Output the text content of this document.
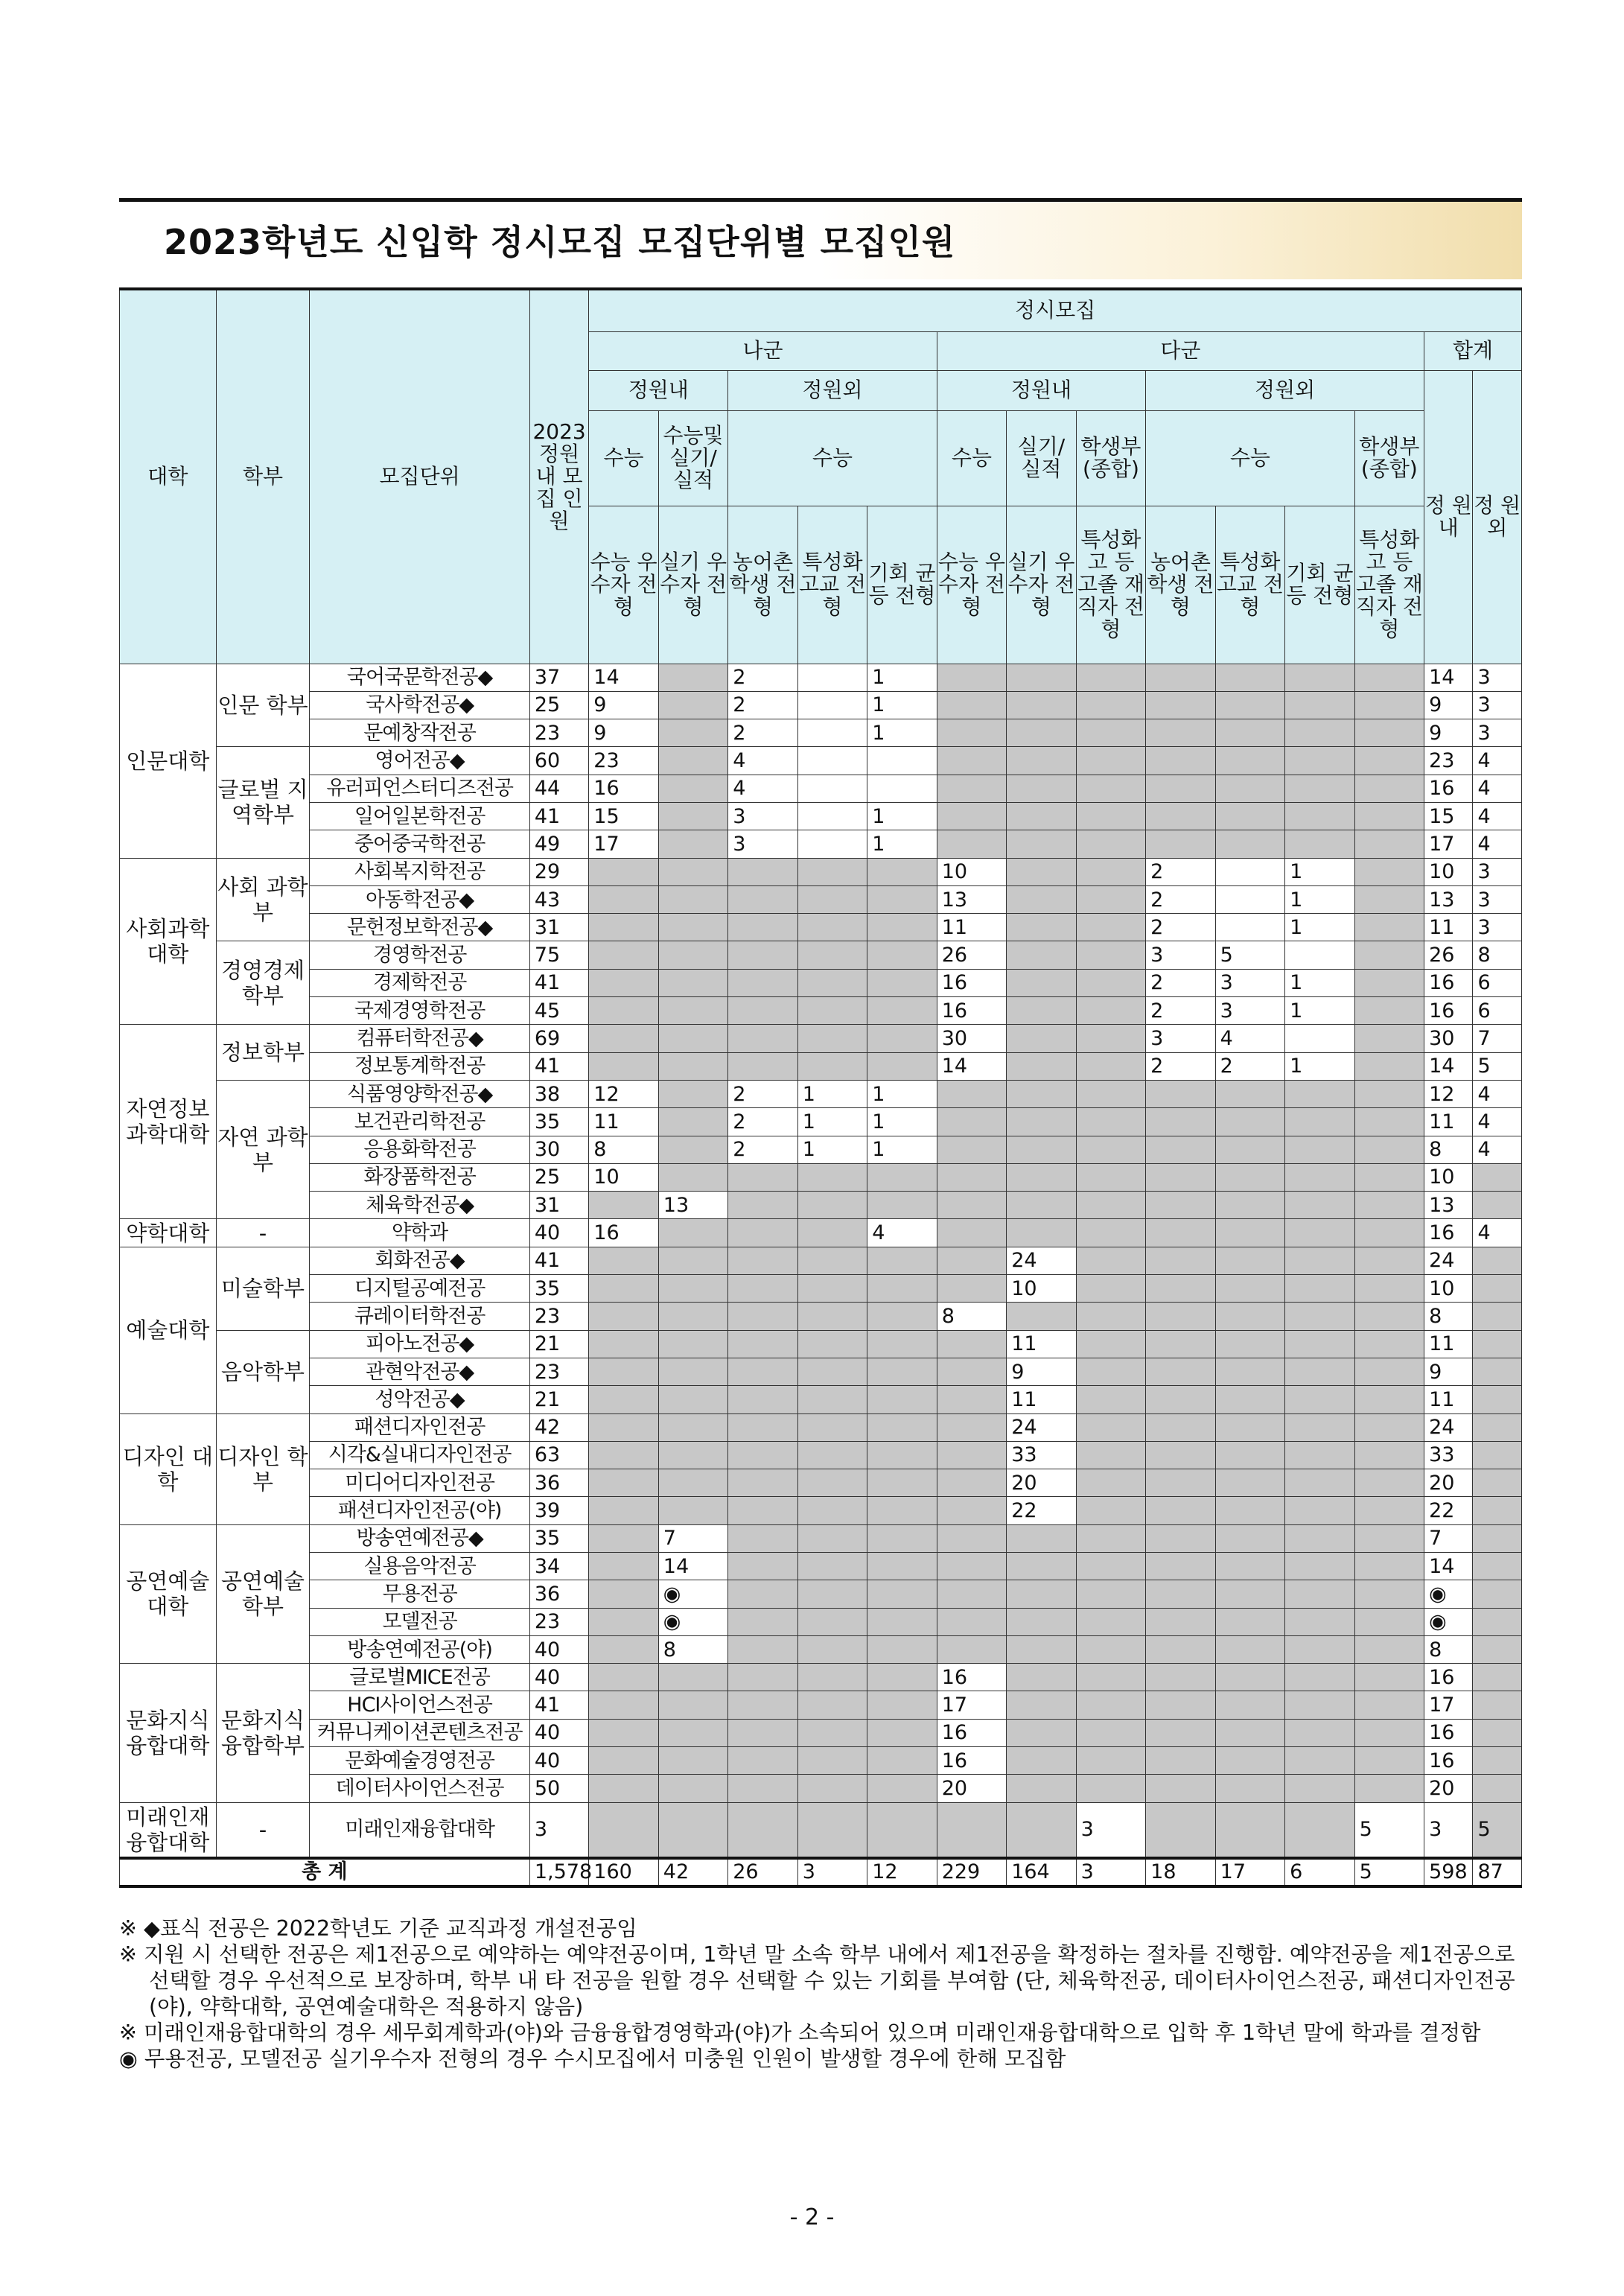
2023학년도 신입학 정시모집 모집단위별 모집인원
대학	학부	모집단위	2023 정원 내 모집 인원	정시모집													
				나군					다군							합계	
				정원내		정원외			정원내			정원외				정 원 내	정 원 외
				수능	수능및 실기/ 실적	수능			수능	실기/ 실적	학생부 (종합)	수능			학생부 (종합)		
				수능 우수자 전형	실기 우수자 전형	농어촌 학생 전형	특성화 고교 전형	기회 균등 전형	수능 우수자 전형	실기 우수자 전형	특성화 고 등 고졸 재직자 전형	농어촌 학생 전형	특성화 고교 전형	기회 균등 전형	특성화 고 등 고졸 재직자 전형		
인문대학	인문 학부	국어국문학전공◆	37	14		2		1								14	3
		국사학전공◆	25	9		2		1								9	3
		문예창작전공	23	9		2		1								9	3
	글로벌 지역학부	영어전공◆	60	23		4										23	4
		유러피언스터디즈전공	44	16		4										16	4
		일어일본학전공	41	15		3		1								15	4
		중어중국학전공	49	17		3		1								17	4
사회과학 대학	사회 과학부	사회복지학전공	29						10			2		1		10	3
		아동학전공◆	43						13			2		1		13	3
		문헌정보학전공◆	31						11			2		1		11	3
	경영경제 학부	경영학전공	75						26			3	5			26	8
		경제학전공	41						16			2	3	1		16	6
		국제경영학전공	45						16			2	3	1		16	6
자연정보 과학대학	정보학부	컴퓨터학전공◆	69						30			3	4			30	7
		정보통계학전공	41						14			2	2	1		14	5
	자연 과학부	식품영양학전공◆	38	12		2	1	1								12	4
		보건관리학전공	35	11		2	1	1								11	4
		응용화학전공	30	8		2	1	1								8	4
		화장품학전공	25	10												10	
		체육학전공◆	31		13											13	
약학대학	-	약학과	40	16				4								16	4
예술대학	미술학부	회화전공◆	41							24						24	
		디지털공예전공	35							10						10	
		큐레이터학전공	23						8							8	
	음악학부	피아노전공◆	21							11						11	
		관현악전공◆	23							9						9	
		성악전공◆	21							11						11	
디자인 대학	디자인 학부	패션디자인전공	42							24						24	
		시각&실내디자인전공	63							33						33	
		미디어디자인전공	36							20						20	
		패션디자인전공(야)	39							22						22	
공연예술 대학	공연예술 학부	방송연예전공◆	35		7											7	
		실용음악전공	34		14											14	
		무용전공	36		◉											◉	
		모델전공	23		◉											◉	
		방송연예전공(야)	40		8											8	
문화지식 융합대학	문화지식 융합학부	글로벌MICE전공	40						16							16	
		HCI사이언스전공	41						17							17	
		커뮤니케이션콘텐츠전공	40						16							16	
		문화예술경영전공	40						16							16	
		데이터사이언스전공	50						20							20	
미래인재 융합대학	-	미래인재융합대학	3								3				5	3	5
총 계			1,578	160	42	26	3	12	229	164	3	18	17	6	5	598	87

※ ◆표식 전공은 2022학년도 기준 교직과정 개설전공임

※ 지원 시 선택한 전공은 제1전공으로 예약하는 예약전공이며, 1학년 말 소속 학부 내에서 제1전공을 확정하는 절차를 진행함. 예약전공을 제1전공으로 선택할 경우 우선적으로 보장하며, 학부 내 타 전공을 원할 경우 선택할 수 있는 기회를 부여함 (단, 체육학전공, 데이터사이언스전공, 패션디자인전공(야), 약학대학, 공연예술대학은 적용하지 않음)

※ 미래인재융합대학의 경우 세무회계학과(야)와 금융융합경영학과(야)가 소속되어 있으며 미래인재융합대학으로 입학 후 1학년 말에 학과를 결정함

◉ 무용전공, 모델전공 실기우수자 전형의 경우 수시모집에서 미충원 인원이 발생할 경우에 한해 모집함

- 2 -
